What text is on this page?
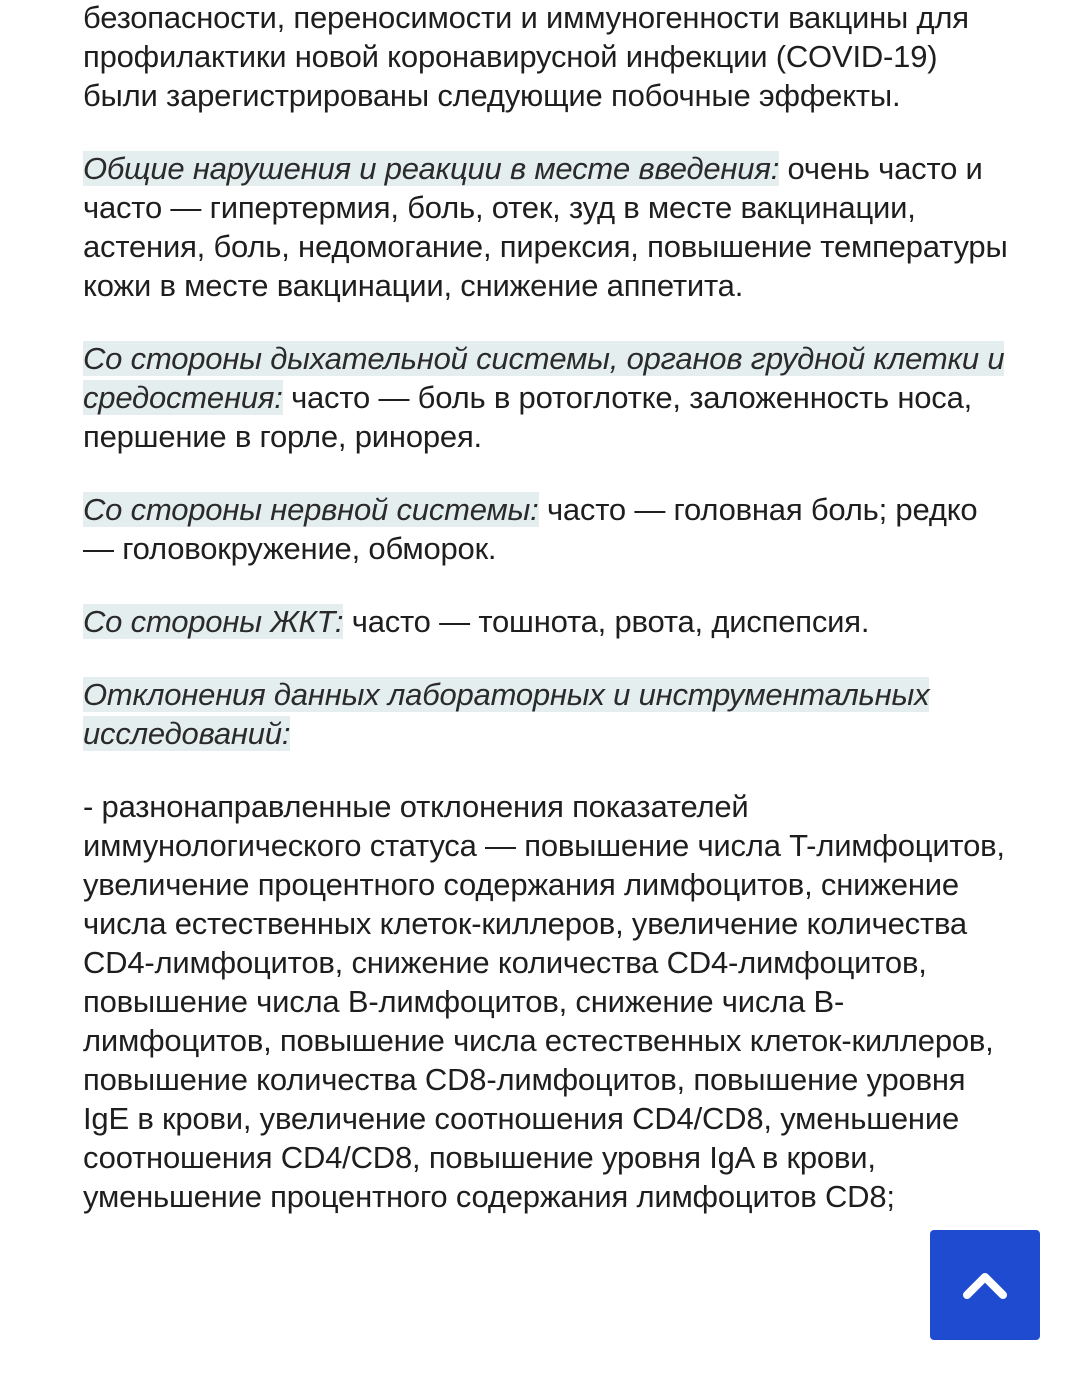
безопасности, переносимости и иммуногенности вакцины для профилактики новой коронавирусной инфекции (COVID-19) были зарегистрированы следующие побочные эффекты.

Общие нарушения и реакции в месте введения: очень часто и часто — гипертермия, боль, отек, зуд в месте вакцинации, астения, боль, недомогание, пирексия, повышение температуры кожи в месте вакцинации, снижение аппетита.

Со стороны дыхательной системы, органов грудной клетки и средостения: часто — боль в ротоглотке, заложенность носа, першение в горле, ринорея.

Со стороны нервной системы: часто — головная боль; редко — головокружение, обморок.

Со стороны ЖКТ: часто — тошнота, рвота, диспепсия.

Отклонения данных лабораторных и инструментальных исследований:

- разнонаправленные отклонения показателей иммунологического статуса — повышение числа T-лимфоцитов, увеличение процентного содержания лимфоцитов, снижение числа естественных клеток-киллеров, увеличение количества CD4-лимфоцитов, снижение количества CD4-лимфоцитов, повышение числа B-лимфоцитов, снижение числа B-лимфоцитов, повышение числа естественных клеток-киллеров, повышение количества CD8-лимфоцитов, повышение уровня IgE в крови, увеличение соотношения CD4/CD8, уменьшение соотношения CD4/CD8, повышение уровня IgA в крови, уменьшение процентного содержания лимфоцитов CD8;
